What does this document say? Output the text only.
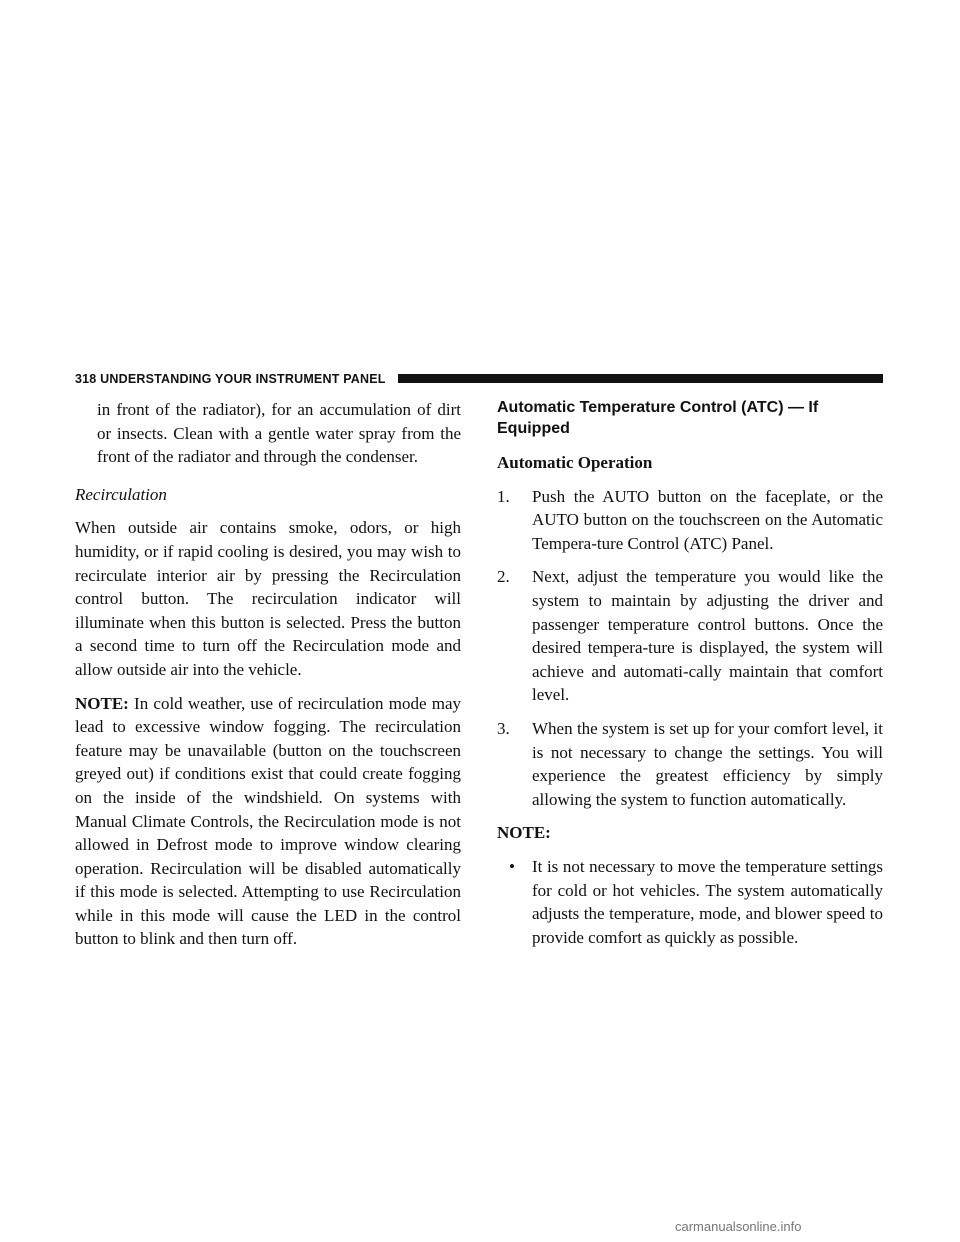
318 UNDERSTANDING YOUR INSTRUMENT PANEL

in front of the radiator), for an accumulation of dirt or insects. Clean with a gentle water spray from the front of the radiator and through the condenser.

Recirculation

When outside air contains smoke, odors, or high humidity, or if rapid cooling is desired, you may wish to recirculate interior air by pressing the Recirculation control button. The recirculation indicator will illuminate when this button is selected. Press the button a second time to turn off the Recirculation mode and allow outside air into the vehicle.

NOTE: In cold weather, use of recirculation mode may lead to excessive window fogging. The recirculation feature may be unavailable (button on the touchscreen greyed out) if conditions exist that could create fogging on the inside of the windshield. On systems with Manual Climate Controls, the Recirculation mode is not allowed in Defrost mode to improve window clearing operation. Recirculation will be disabled automatically if this mode is selected. Attempting to use Recirculation while in this mode will cause the LED in the control button to blink and then turn off.

Automatic Temperature Control (ATC) — If Equipped
Automatic Operation
1. Push the AUTO button on the faceplate, or the AUTO button on the touchscreen on the Automatic Tempera-ture Control (ATC) Panel.
2. Next, adjust the temperature you would like the system to maintain by adjusting the driver and passenger temperature control buttons. Once the desired tempera-ture is displayed, the system will achieve and automati-cally maintain that comfort level.
3. When the system is set up for your comfort level, it is not necessary to change the settings. You will experience the greatest efficiency by simply allowing the system to function automatically.
NOTE:
• It is not necessary to move the temperature settings for cold or hot vehicles. The system automatically adjusts the temperature, mode, and blower speed to provide comfort as quickly as possible.
carmanualsonline.info
